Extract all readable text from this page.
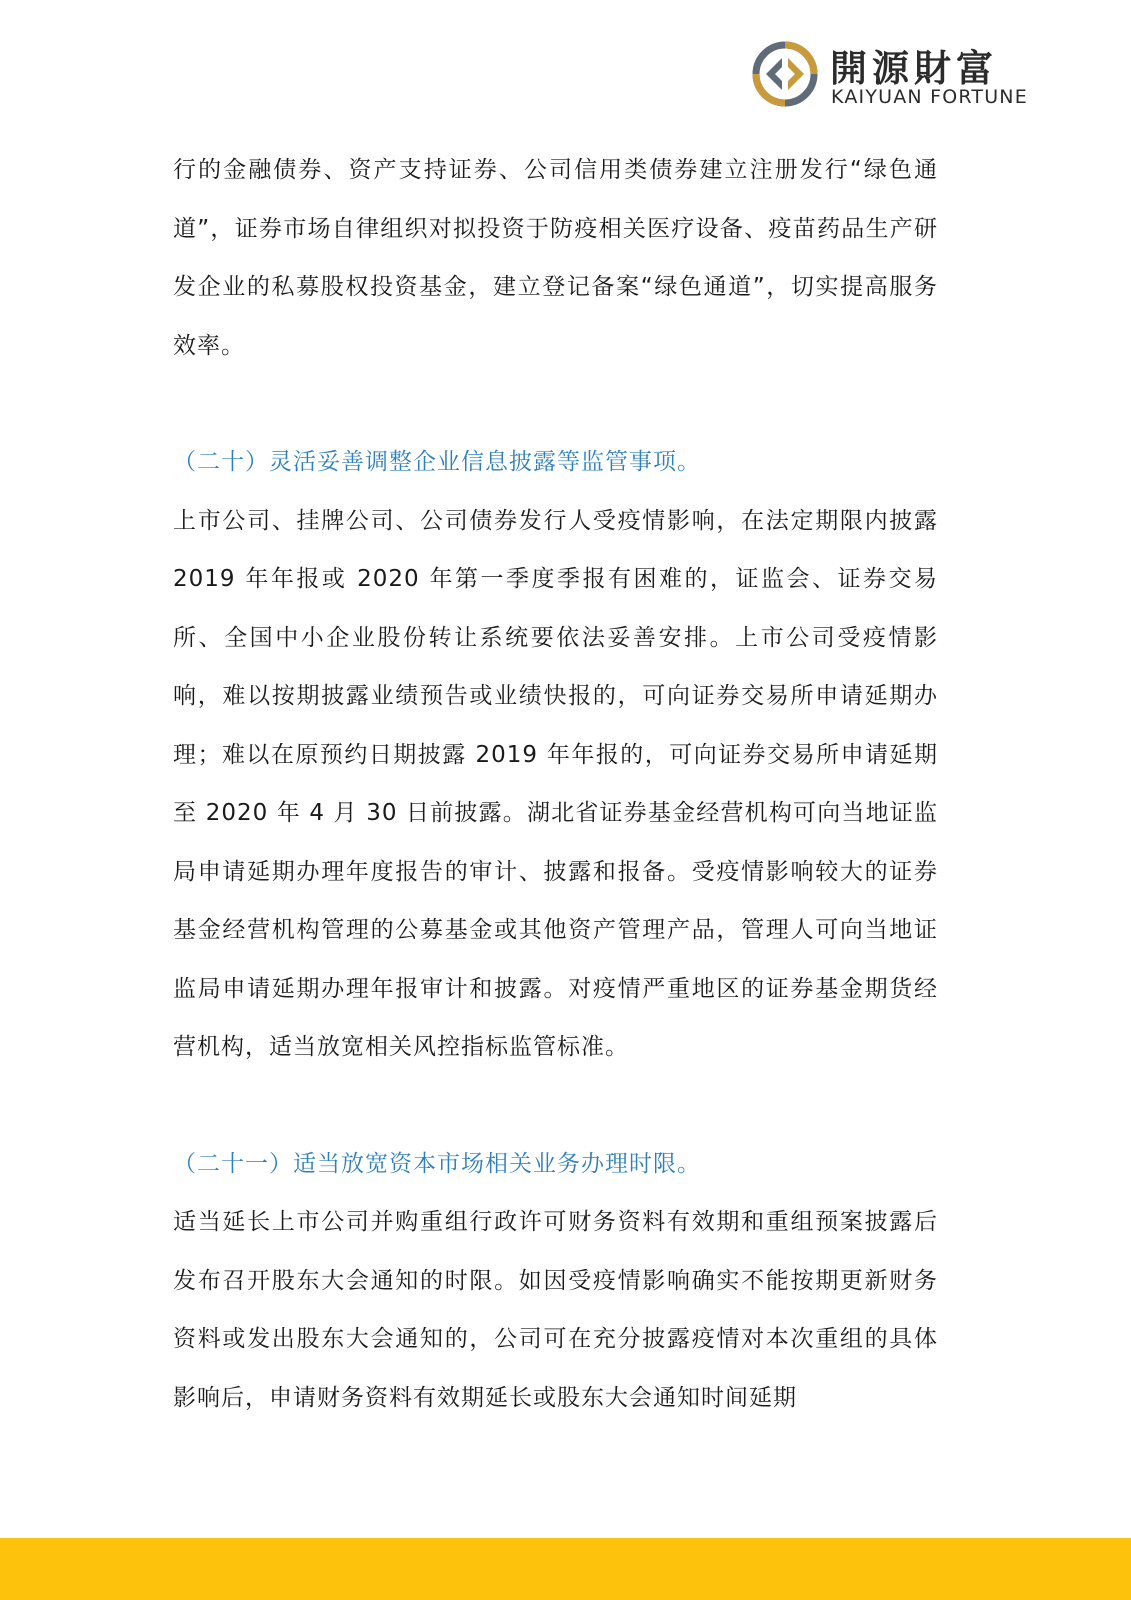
開源財富
KAIYUAN FORTUNE

行的金融债券、资产支持证券、公司信用类债券建立注册发行“绿色通道”，证券市场自律组织对拟投资于防疫相关医疗设备、疫苗药品生产研发企业的私募股权投资基金，建立登记备案“绿色通道”，切实提高服务效率。

（二十）灵活妥善调整企业信息披露等监管事项。

上市公司、挂牌公司、公司债券发行人受疫情影响，在法定期限内披露 2019 年年报或 2020 年第一季度季报有困难的，证监会、证券交易所、全国中小企业股份转让系统要依法妥善安排。上市公司受疫情影响，难以按期披露业绩预告或业绩快报的，可向证券交易所申请延期办理；难以在原预约日期披露 2019 年年报的，可向证券交易所申请延期至 2020 年 4 月 30 日前披露。湖北省证券基金经营机构可向当地证监局申请延期办理年度报告的审计、披露和报备。受疫情影响较大的证券基金经营机构管理的公募基金或其他资产管理产品，管理人可向当地证监局申请延期办理年报审计和披露。对疫情严重地区的证券基金期货经营机构，适当放宽相关风控指标监管标准。

（二十一）适当放宽资本市场相关业务办理时限。

适当延长上市公司并购重组行政许可财务资料有效期和重组预案披露后发布召开股东大会通知的时限。如因受疫情影响确实不能按期更新财务资料或发出股东大会通知的，公司可在充分披露疫情对本次重组的具体影响后，申请财务资料有效期延长或股东大会通知时间延期
